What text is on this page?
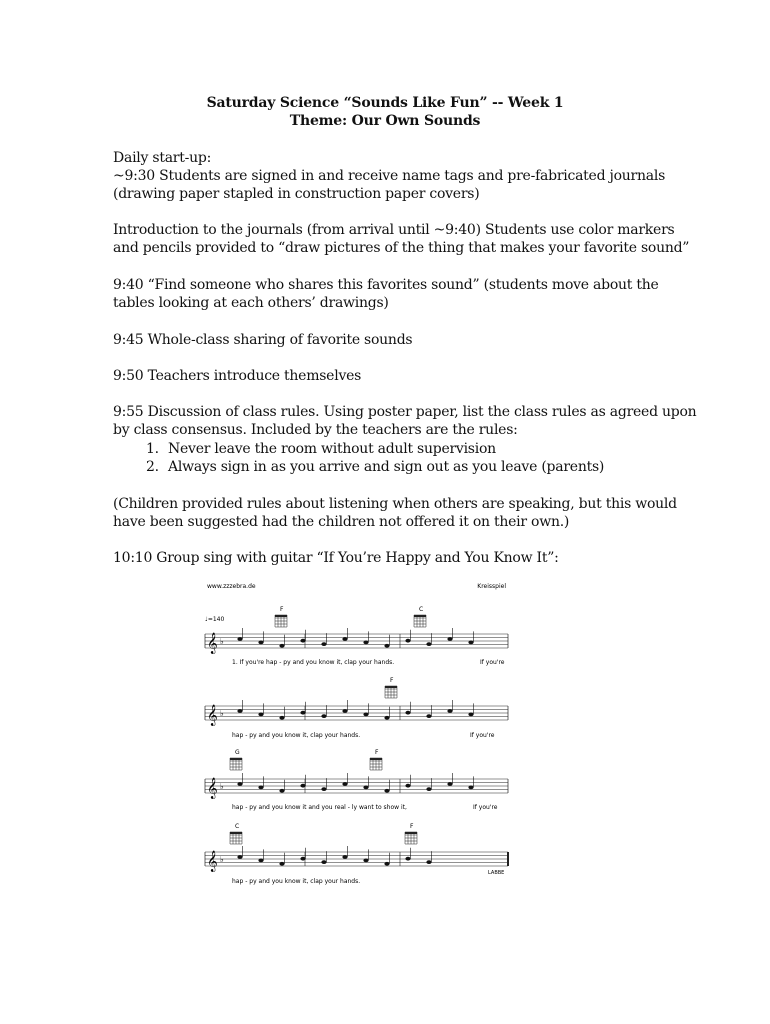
Saturday Science “Sounds Like Fun” -- Week 1
Theme: Our Own Sounds
Daily start-up:
~9:30 Students are signed in and receive name tags and pre-fabricated journals
(drawing paper stapled in construction paper covers)
Introduction to the journals (from arrival until ~9:40) Students use color markers
and pencils provided to “draw pictures of the thing that makes your favorite sound”
9:40 “Find someone who shares this favorites sound” (students move about the
tables looking at each others’ drawings)
9:45 Whole-class sharing of favorite sounds
9:50 Teachers introduce themselves
9:55 Discussion of class rules. Using poster paper, list the class rules as agreed upon
by class consensus. Included by the teachers are the rules:
1. Never leave the room without adult supervision
2. Always sign in as you arrive and sign out as you leave (parents)
(Children provided rules about listening when others are speaking, but this would
have been suggested had the children not offered it on their own.)
10:10 Group sing with guitar “If You’re Happy and You Know It”:
www.zzzebra.de	Kreisspiel
♩=140
F	C
F
G	F
C	F
𝄞 ♭
𝄞 ♭
𝄞 ♭
𝄞 ♭
1. If you're hap - py and you know it, clap your hands.	If you're
hap - py and you know it, clap your hands.	If you're
hap - py and you know it and you real - ly want to show it,	If you're
hap - py and you know it, clap your hands.
LABBE
